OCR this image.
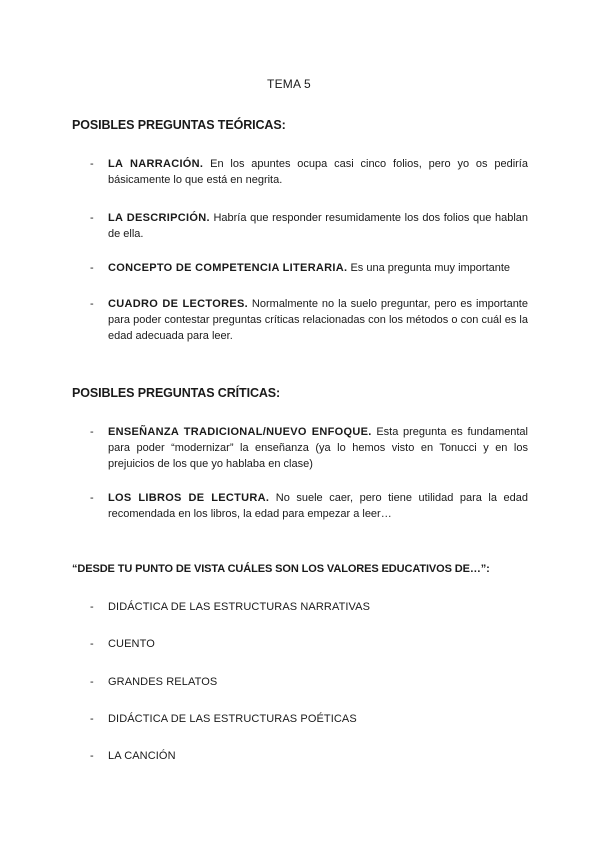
TEMA 5
POSIBLES PREGUNTAS TEÓRICAS:
-	LA NARRACIÓN. En los apuntes ocupa casi cinco folios, pero yo os pediría básicamente lo que está en negrita.
-	LA DESCRIPCIÓN. Habría que responder resumidamente los dos folios que hablan de ella.
-	CONCEPTO DE COMPETENCIA LITERARIA. Es una pregunta muy importante
-	CUADRO DE LECTORES. Normalmente no la suelo preguntar, pero es importante para poder contestar preguntas críticas relacionadas con los métodos o con cuál es la edad adecuada para leer.
POSIBLES PREGUNTAS CRÍTICAS:
-	ENSEÑANZA TRADICIONAL/NUEVO ENFOQUE. Esta pregunta es fundamental para poder “modernizar” la enseñanza (ya lo hemos visto en Tonucci y en los prejuicios de los que yo hablaba en clase)
-	LOS LIBROS DE LECTURA. No suele caer, pero tiene utilidad para la edad recomendada en los libros, la edad para empezar a leer…
“DESDE TU PUNTO DE VISTA CUÁLES SON LOS VALORES EDUCATIVOS DE…”:
-	DIDÁCTICA DE LAS ESTRUCTURAS NARRATIVAS
-	CUENTO
-	GRANDES RELATOS
-	DIDÁCTICA DE LAS ESTRUCTURAS POÉTICAS
-	LA CANCIÓN
